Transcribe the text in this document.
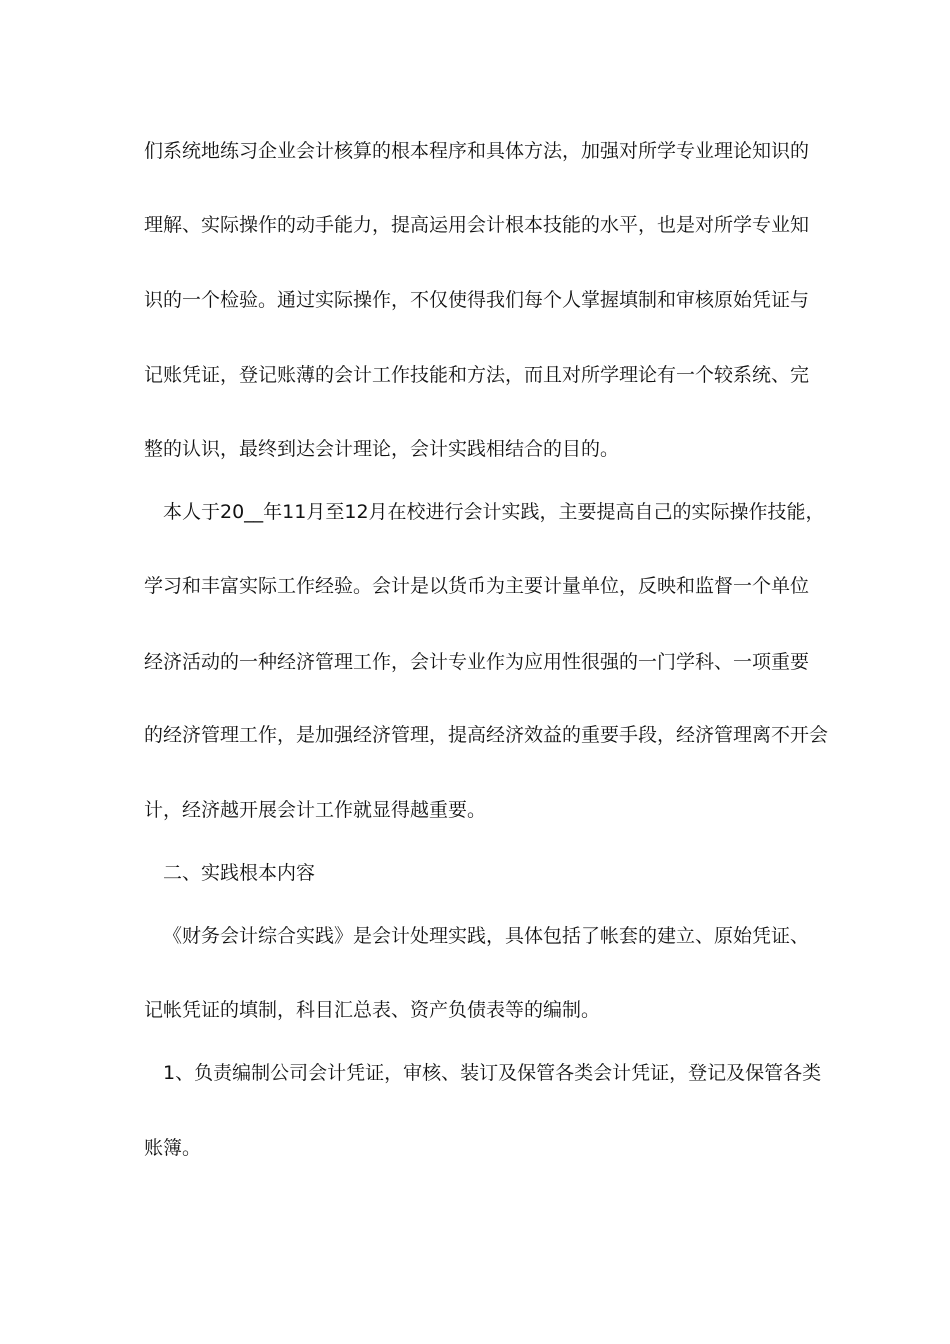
们系统地练习企业会计核算的根本程序和具体方法，加强对所学专业理论知识的
理解、实际操作的动手能力，提高运用会计根本技能的水平，也是对所学专业知
识的一个检验。通过实际操作，不仅使得我们每个人掌握填制和审核原始凭证与
记账凭证，登记账薄的会计工作技能和方法，而且对所学理论有一个较系统、完
整的认识，最终到达会计理论，会计实践相结合的目的。
本人于20__年11月至12月在校进行会计实践，主要提高自己的实际操作技能，
学习和丰富实际工作经验。会计是以货币为主要计量单位，反映和监督一个单位
经济活动的一种经济管理工作，会计专业作为应用性很强的一门学科、一项重要
的经济管理工作，是加强经济管理，提高经济效益的重要手段，经济管理离不开会
计，经济越开展会计工作就显得越重要。
二、实践根本内容
《财务会计综合实践》是会计处理实践，具体包括了帐套的建立、原始凭证、
记帐凭证的填制，科目汇总表、资产负债表等的编制。
1、负责编制公司会计凭证，审核、装订及保管各类会计凭证，登记及保管各类
账簿。
